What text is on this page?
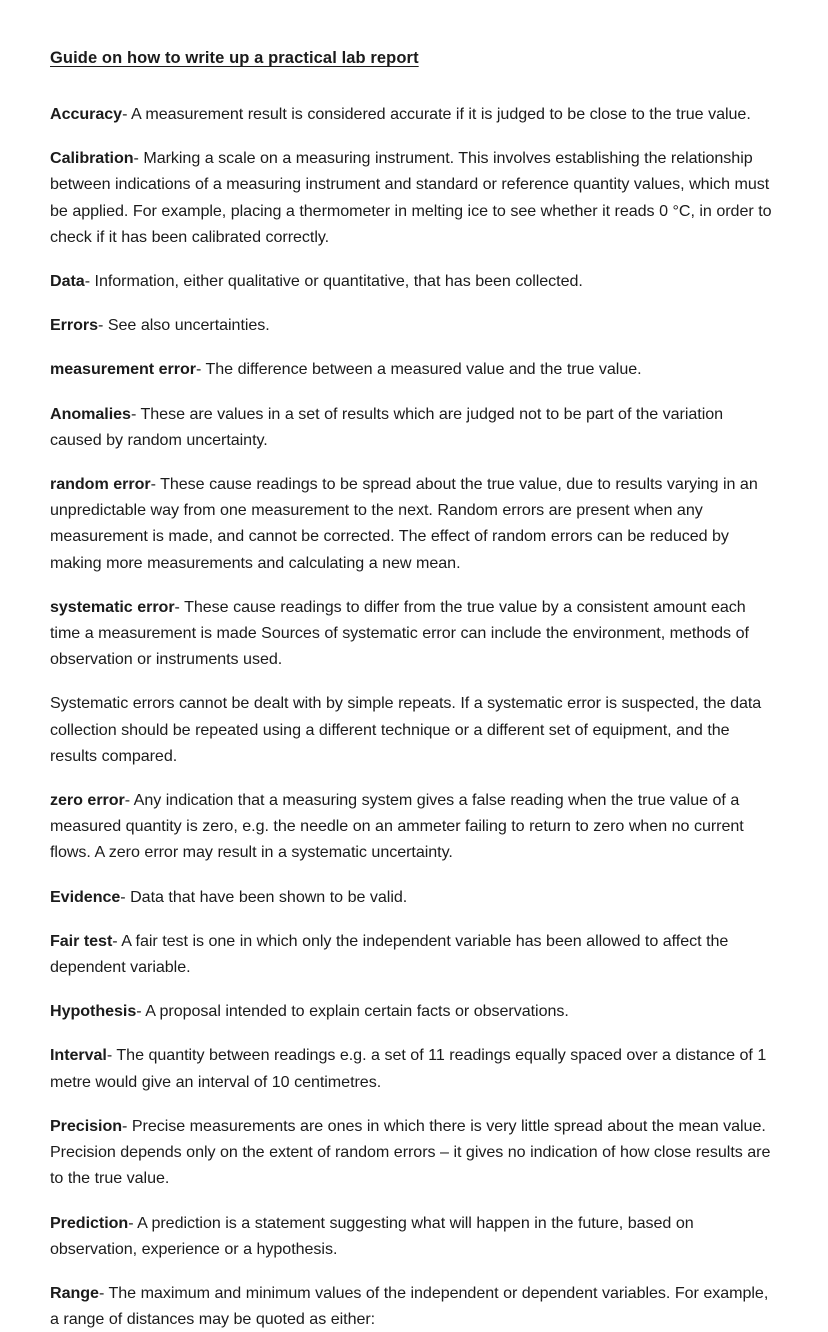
Guide on how to write up a practical lab report

Accuracy- A measurement result is considered accurate if it is judged to be close to the true value.

Calibration- Marking a scale on a measuring instrument. This involves establishing the relationship between indications of a measuring instrument and standard or reference quantity values, which must be applied. For example, placing a thermometer in melting ice to see whether it reads 0 °C, in order to check if it has been calibrated correctly.

Data- Information, either qualitative or quantitative, that has been collected.

Errors- See also uncertainties.

measurement error- The difference between a measured value and the true value.

Anomalies- These are values in a set of results which are judged not to be part of the variation caused by random uncertainty.

random error- These cause readings to be spread about the true value, due to results varying in an unpredictable way from one measurement to the next. Random errors are present when any measurement is made, and cannot be corrected. The effect of random errors can be reduced by making more measurements and calculating a new mean.

systematic error- These cause readings to differ from the true value by a consistent amount each time a measurement is made Sources of systematic error can include the environment, methods of observation or instruments used.

Systematic errors cannot be dealt with by simple repeats. If a systematic error is suspected, the data collection should be repeated using a different technique or a different set of equipment, and the results compared.

zero error- Any indication that a measuring system gives a false reading when the true value of a measured quantity is zero, e.g. the needle on an ammeter failing to return to zero when no current flows. A zero error may result in a systematic uncertainty.

Evidence- Data that have been shown to be valid.

Fair test- A fair test is one in which only the independent variable has been allowed to affect the dependent variable.

Hypothesis- A proposal intended to explain certain facts or observations.

Interval- The quantity between readings e.g. a set of 11 readings equally spaced over a distance of 1 metre would give an interval of 10 centimetres.

Precision- Precise measurements are ones in which there is very little spread about the mean value. Precision depends only on the extent of random errors – it gives no indication of how close results are to the true value.

Prediction- A prediction is a statement suggesting what will happen in the future, based on observation, experience or a hypothesis.

Range- The maximum and minimum values of the independent or dependent variables. For example, a range of distances may be quoted as either:
